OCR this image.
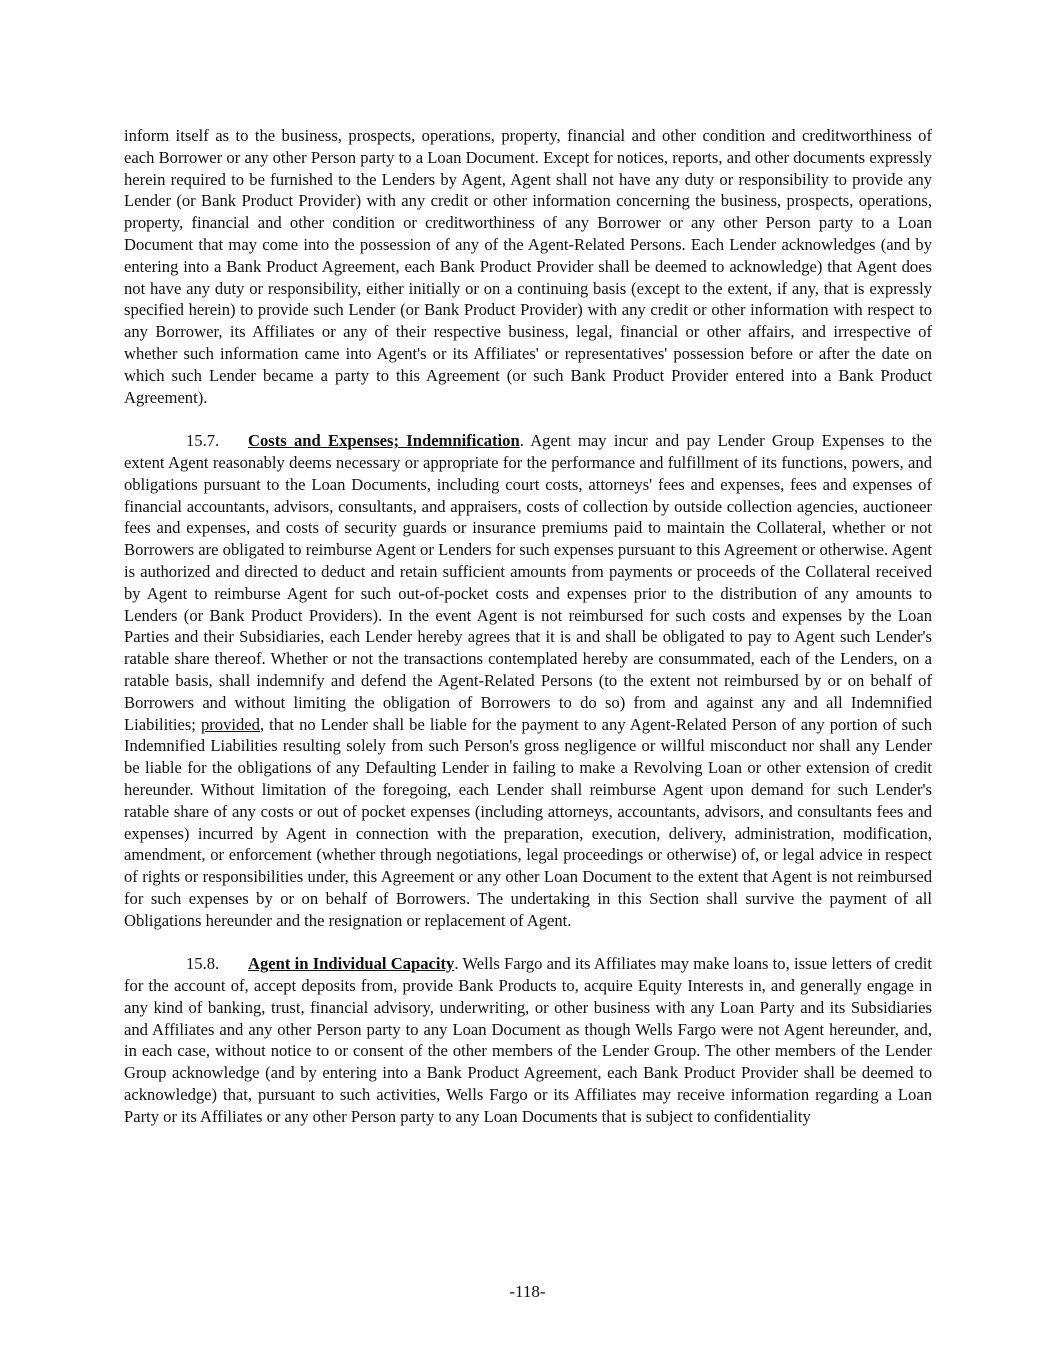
inform itself as to the business, prospects, operations, property, financial and other condition and creditworthiness of each Borrower or any other Person party to a Loan Document. Except for notices, reports, and other documents expressly herein required to be furnished to the Lenders by Agent, Agent shall not have any duty or responsibility to provide any Lender (or Bank Product Provider) with any credit or other information concerning the business, prospects, operations, property, financial and other condition or creditworthiness of any Borrower or any other Person party to a Loan Document that may come into the possession of any of the Agent-Related Persons. Each Lender acknowledges (and by entering into a Bank Product Agreement, each Bank Product Provider shall be deemed to acknowledge) that Agent does not have any duty or responsibility, either initially or on a continuing basis (except to the extent, if any, that is expressly specified herein) to provide such Lender (or Bank Product Provider) with any credit or other information with respect to any Borrower, its Affiliates or any of their respective business, legal, financial or other affairs, and irrespective of whether such information came into Agent's or its Affiliates' or representatives' possession before or after the date on which such Lender became a party to this Agreement (or such Bank Product Provider entered into a Bank Product Agreement).

15.7. Costs and Expenses; Indemnification. Agent may incur and pay Lender Group Expenses to the extent Agent reasonably deems necessary or appropriate for the performance and fulfillment of its functions, powers, and obligations pursuant to the Loan Documents, including court costs, attorneys' fees and expenses, fees and expenses of financial accountants, advisors, consultants, and appraisers, costs of collection by outside collection agencies, auctioneer fees and expenses, and costs of security guards or insurance premiums paid to maintain the Collateral, whether or not Borrowers are obligated to reimburse Agent or Lenders for such expenses pursuant to this Agreement or otherwise. Agent is authorized and directed to deduct and retain sufficient amounts from payments or proceeds of the Collateral received by Agent to reimburse Agent for such out-of-pocket costs and expenses prior to the distribution of any amounts to Lenders (or Bank Product Providers). In the event Agent is not reimbursed for such costs and expenses by the Loan Parties and their Subsidiaries, each Lender hereby agrees that it is and shall be obligated to pay to Agent such Lender's ratable share thereof. Whether or not the transactions contemplated hereby are consummated, each of the Lenders, on a ratable basis, shall indemnify and defend the Agent-Related Persons (to the extent not reimbursed by or on behalf of Borrowers and without limiting the obligation of Borrowers to do so) from and against any and all Indemnified Liabilities; provided, that no Lender shall be liable for the payment to any Agent-Related Person of any portion of such Indemnified Liabilities resulting solely from such Person's gross negligence or willful misconduct nor shall any Lender be liable for the obligations of any Defaulting Lender in failing to make a Revolving Loan or other extension of credit hereunder. Without limitation of the foregoing, each Lender shall reimburse Agent upon demand for such Lender's ratable share of any costs or out of pocket expenses (including attorneys, accountants, advisors, and consultants fees and expenses) incurred by Agent in connection with the preparation, execution, delivery, administration, modification, amendment, or enforcement (whether through negotiations, legal proceedings or otherwise) of, or legal advice in respect of rights or responsibilities under, this Agreement or any other Loan Document to the extent that Agent is not reimbursed for such expenses by or on behalf of Borrowers. The undertaking in this Section shall survive the payment of all Obligations hereunder and the resignation or replacement of Agent.

15.8. Agent in Individual Capacity. Wells Fargo and its Affiliates may make loans to, issue letters of credit for the account of, accept deposits from, provide Bank Products to, acquire Equity Interests in, and generally engage in any kind of banking, trust, financial advisory, underwriting, or other business with any Loan Party and its Subsidiaries and Affiliates and any other Person party to any Loan Document as though Wells Fargo were not Agent hereunder, and, in each case, without notice to or consent of the other members of the Lender Group. The other members of the Lender Group acknowledge (and by entering into a Bank Product Agreement, each Bank Product Provider shall be deemed to acknowledge) that, pursuant to such activities, Wells Fargo or its Affiliates may receive information regarding a Loan Party or its Affiliates or any other Person party to any Loan Documents that is subject to confidentiality

-118-
